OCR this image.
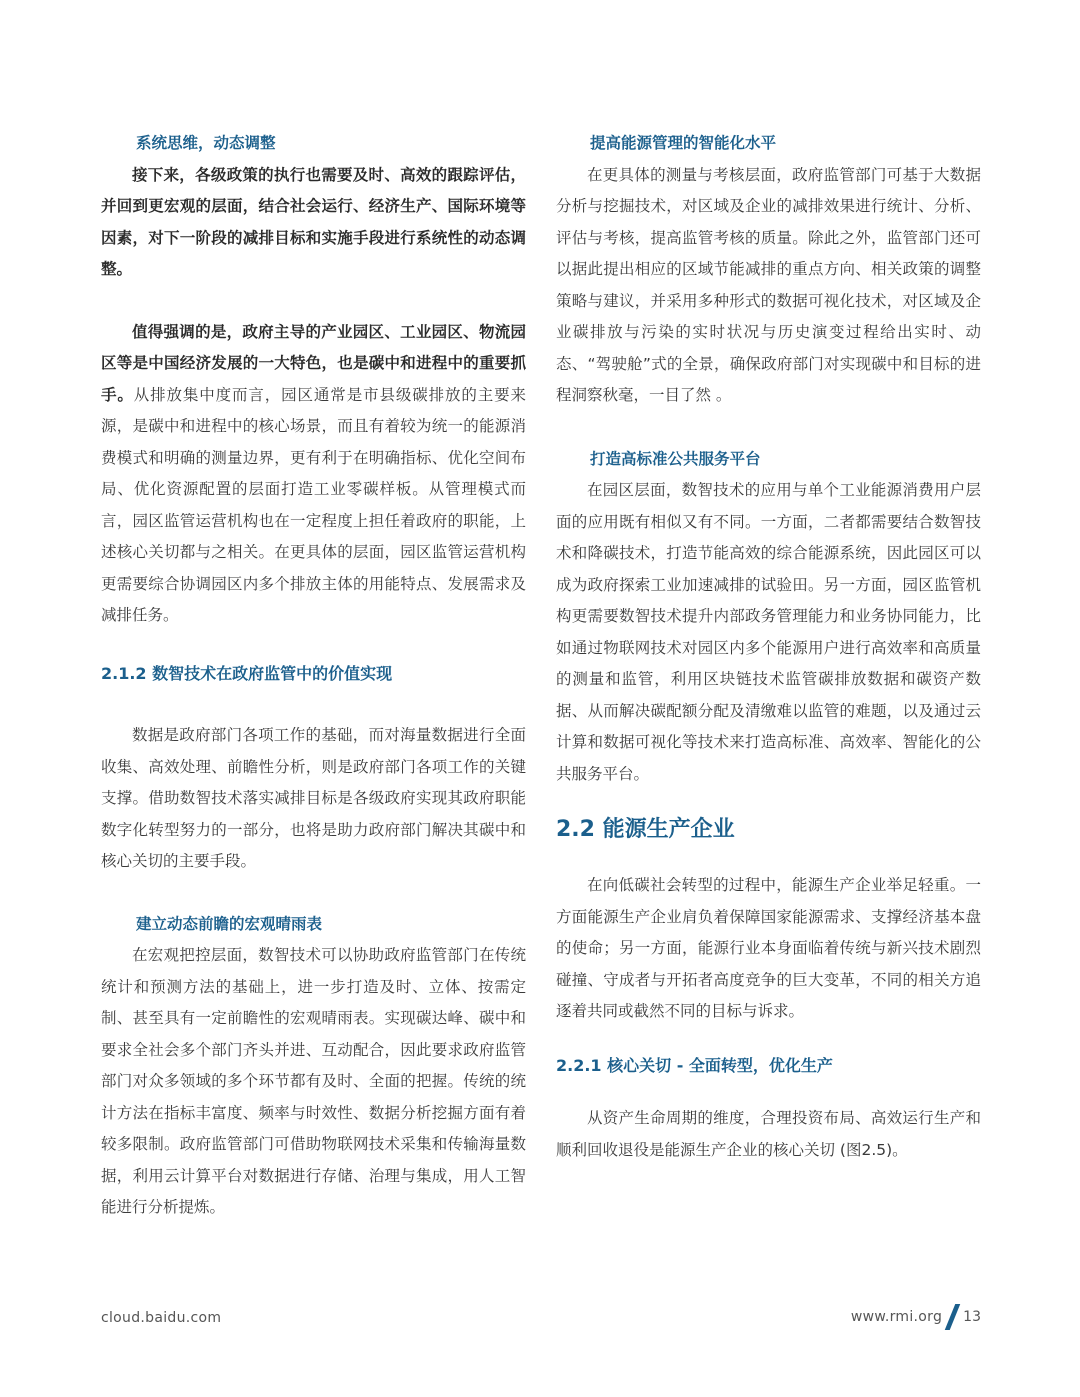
系统思维，动态调整

接下来，各级政策的执行也需要及时、高效的跟踪评估，并回到更宏观的层面，结合社会运行、经济生产、国际环境等因素，对下一阶段的减排目标和实施手段进行系统性的动态调整。

值得强调的是，政府主导的产业园区、工业园区、物流园区等是中国经济发展的一大特色，也是碳中和进程中的重要抓手。从排放集中度而言，园区通常是市县级碳排放的主要来源，是碳中和进程中的核心场景，而且有着较为统一的能源消费模式和明确的测量边界，更有利于在明确指标、优化空间布局、优化资源配置的层面打造工业零碳样板。从管理模式而言，园区监管运营机构也在一定程度上担任着政府的职能，上述核心关切都与之相关。在更具体的层面，园区监管运营机构更需要综合协调园区内多个排放主体的用能特点、发展需求及减排任务。

2.1.2 数智技术在政府监管中的价值实现

数据是政府部门各项工作的基础，而对海量数据进行全面收集、高效处理、前瞻性分析，则是政府部门各项工作的关键支撑。借助数智技术落实减排目标是各级政府实现其政府职能数字化转型努力的一部分，也将是助力政府部门解决其碳中和核心关切的主要手段。

建立动态前瞻的宏观晴雨表

在宏观把控层面，数智技术可以协助政府监管部门在传统统计和预测方法的基础上，进一步打造及时、立体、按需定制、甚至具有一定前瞻性的宏观晴雨表。实现碳达峰、碳中和要求全社会多个部门齐头并进、互动配合，因此要求政府监管部门对众多领域的多个环节都有及时、全面的把握。传统的统计方法在指标丰富度、频率与时效性、数据分析挖掘方面有着较多限制。政府监管部门可借助物联网技术采集和传输海量数据，利用云计算平台对数据进行存储、治理与集成，用人工智能进行分析提炼。

提高能源管理的智能化水平

在更具体的测量与考核层面，政府监管部门可基于大数据分析与挖掘技术，对区域及企业的减排效果进行统计、分析、评估与考核，提高监管考核的质量。除此之外，监管部门还可以据此提出相应的区域节能减排的重点方向、相关政策的调整策略与建议，并采用多种形式的数据可视化技术，对区域及企业碳排放与污染的实时状况与历史演变过程给出实时、动态、“驾驶舱”式的全景，确保政府部门对实现碳中和目标的进程洞察秋毫，一目了然 。

打造高标准公共服务平台

在园区层面，数智技术的应用与单个工业能源消费用户层面的应用既有相似又有不同。一方面，二者都需要结合数智技术和降碳技术，打造节能高效的综合能源系统，因此园区可以成为政府探索工业加速减排的试验田。另一方面，园区监管机构更需要数智技术提升内部政务管理能力和业务协同能力，比如通过物联网技术对园区内多个能源用户进行高效率和高质量的测量和监管，利用区块链技术监管碳排放数据和碳资产数据、从而解决碳配额分配及清缴难以监管的难题，以及通过云计算和数据可视化等技术来打造高标准、高效率、智能化的公共服务平台。

2.2 能源生产企业

在向低碳社会转型的过程中，能源生产企业举足轻重。一方面能源生产企业肩负着保障国家能源需求、支撑经济基本盘的使命；另一方面，能源行业本身面临着传统与新兴技术剧烈碰撞、守成者与开拓者高度竞争的巨大变革，不同的相关方追逐着共同或截然不同的目标与诉求。

2.2.1 核心关切 - 全面转型，优化生产

从资产生命周期的维度，合理投资布局、高效运行生产和顺利回收退役是能源生产企业的核心关切 (图2.5)。

cloud.baidu.com	www.rmi.org 13
